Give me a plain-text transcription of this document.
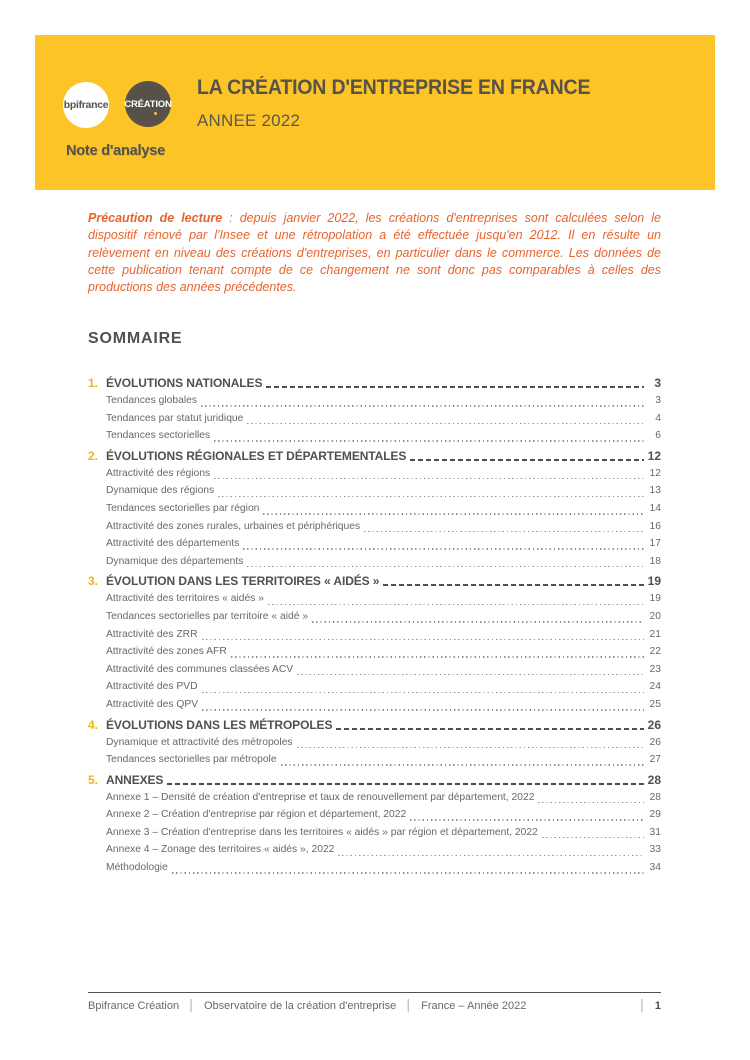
bpifrance CRÉATION
Note d'analyse
LA CRÉATION D'ENTREPRISE EN FRANCE
ANNEE 2022

Précaution de lecture : depuis janvier 2022, les créations d'entreprises sont calculées selon le dispositif rénové par l'Insee et une rétropolation a été effectuée jusqu'en 2012. Il en résulte un relèvement en niveau des créations d'entreprises, en particulier dans le commerce. Les données de cette publication tenant compte de ce changement ne sont donc pas comparables à celles des productions des années précédentes.

SOMMAIRE
1. ÉVOLUTIONS NATIONALES	3
Tendances globales	3
Tendances par statut juridique	4
Tendances sectorielles	6
2. ÉVOLUTIONS RÉGIONALES ET DÉPARTEMENTALES	12
Attractivité des régions	12
Dynamique des régions	13
Tendances sectorielles par région	14
Attractivité des zones rurales, urbaines et périphériques	16
Attractivité des départements	17
Dynamique des départements	18
3. ÉVOLUTION DANS LES TERRITOIRES « AIDÉS »	19
Attractivité des territoires « aidés »	19
Tendances sectorielles par territoire « aidé »	20
Attractivité des ZRR	21
Attractivité des zones AFR	22
Attractivité des communes classées ACV	23
Attractivité des PVD	24
Attractivité des QPV	25
4. ÉVOLUTIONS DANS LES MÉTROPOLES	26
Dynamique et attractivité des métropoles	26
Tendances sectorielles par métropole	27
5. ANNEXES	28
Annexe 1 – Densité de création d'entreprise et taux de renouvellement par département, 2022	28
Annexe 2 – Création d'entreprise par région et département, 2022	29
Annexe 3 – Création d'entreprise dans les territoires « aidés » par région et département, 2022	31
Annexe 4 – Zonage des territoires « aidés », 2022	33
Méthodologie	34
Bpifrance Création │ Observatoire de la création d'entreprise │ France – Année 2022	│ 1
